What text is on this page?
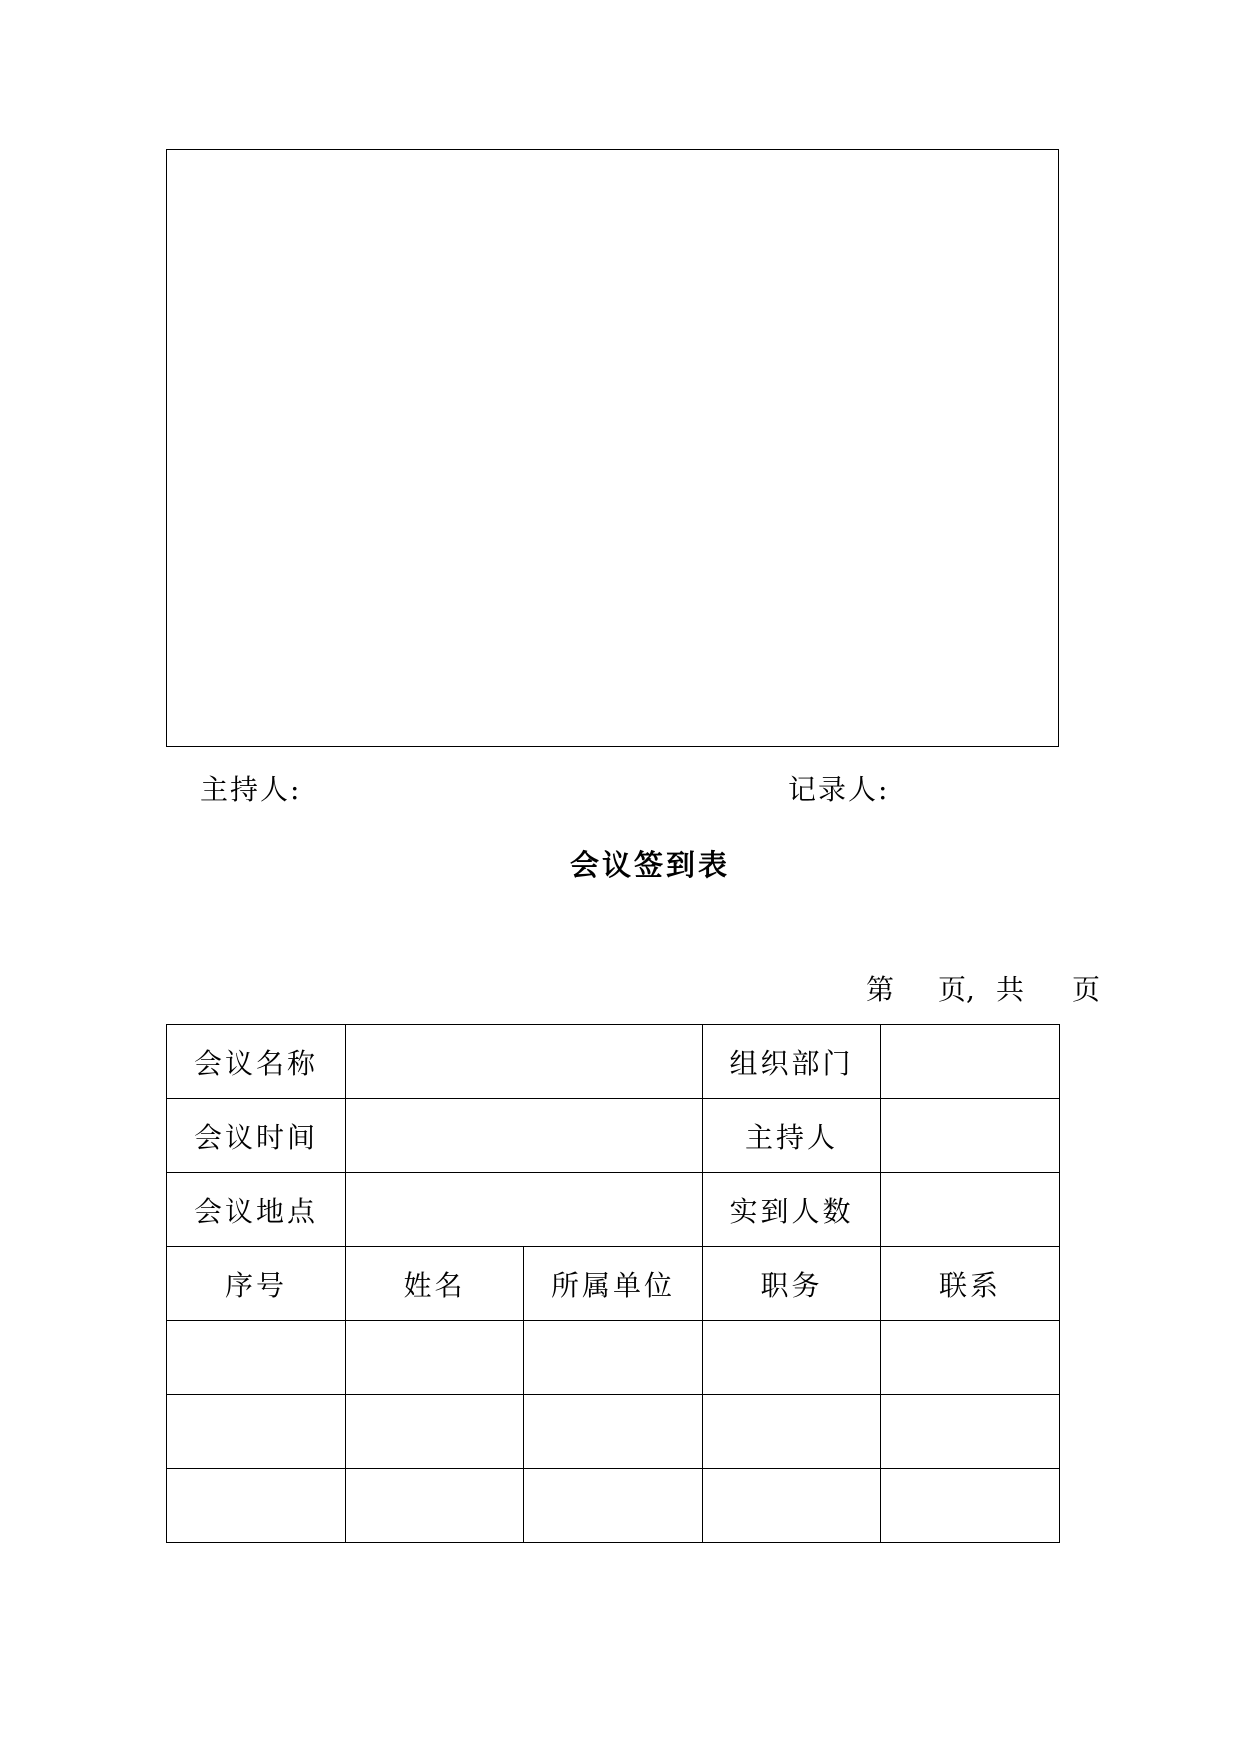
主持人:	记录人:
会议签到表
第 页, 共 页
会议名称			组织部门	
会议时间			主持人	
会议地点			实到人数	
序号	姓名	所属单位	职务	联系
